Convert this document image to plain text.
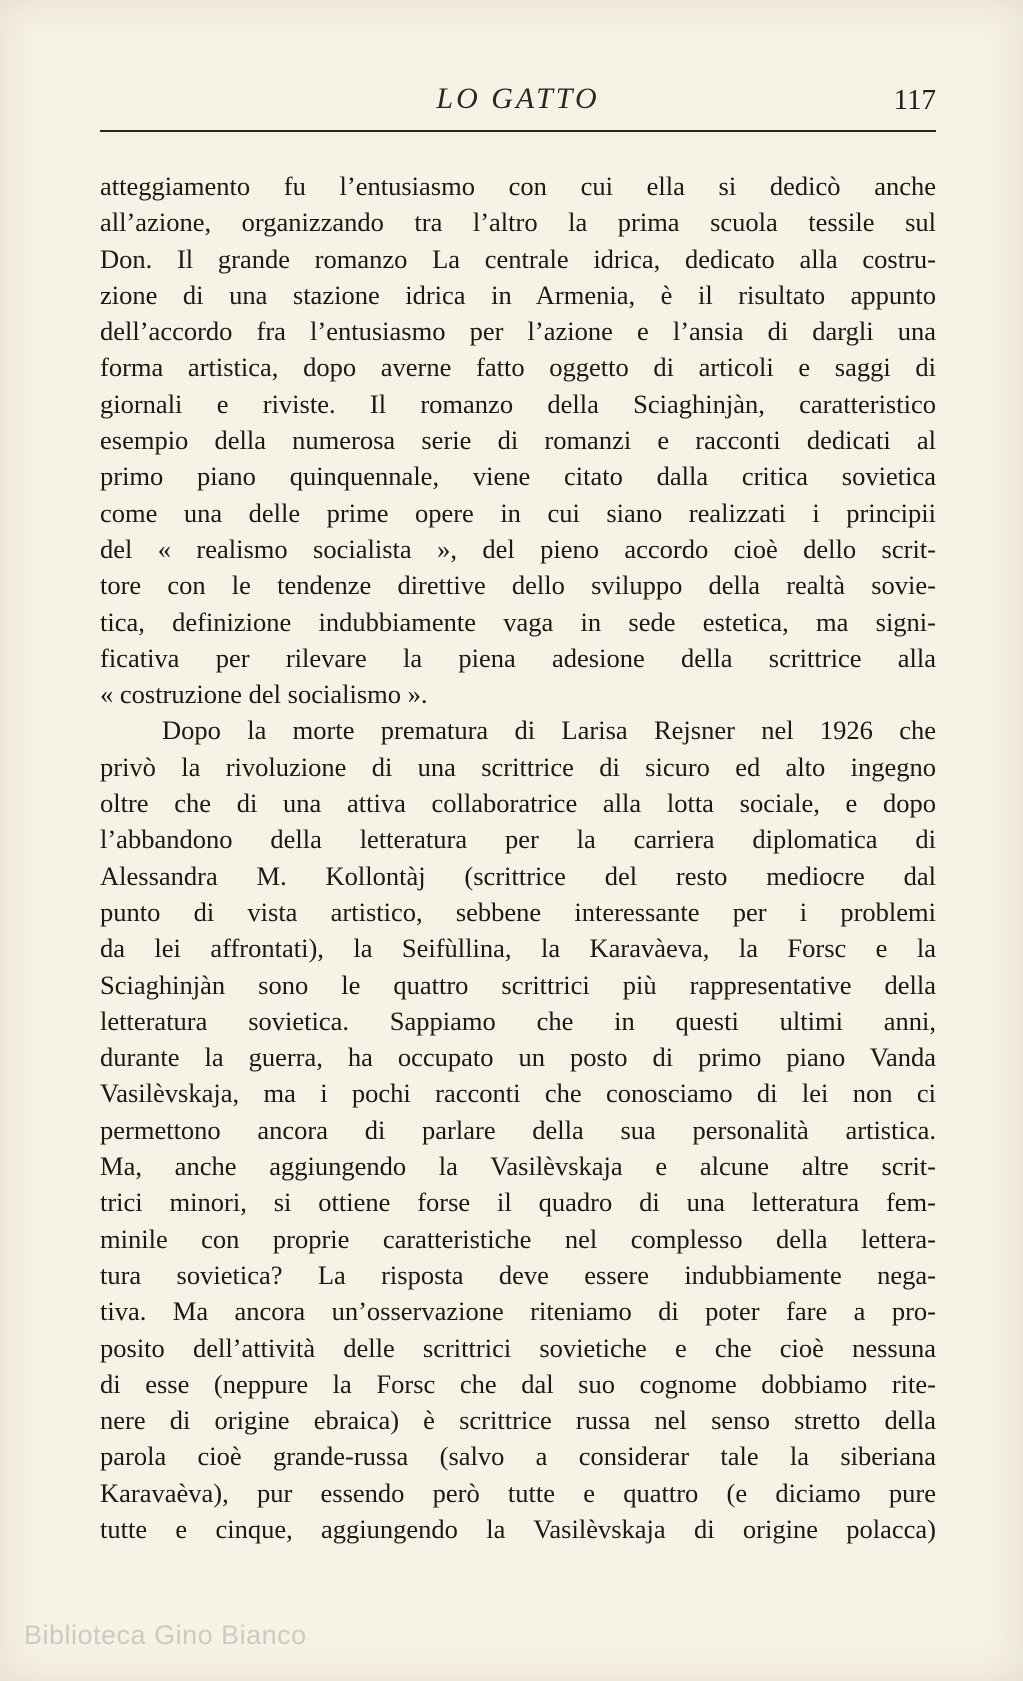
LO GATTO	117
atteggiamento fu l’entusiasmo con cui ella si dedicò anche
all’azione, organizzando tra l’altro la prima scuola tessile sul
Don. Il grande romanzo La centrale idrica, dedicato alla costru-
zione di una stazione idrica in Armenia, è il risultato appunto
dell’accordo fra l’entusiasmo per l’azione e l’ansia di dargli una
forma artistica, dopo averne fatto oggetto di articoli e saggi di
giornali e riviste. Il romanzo della Sciaghinjàn, caratteristico
esempio della numerosa serie di romanzi e racconti dedicati al
primo piano quinquennale, viene citato dalla critica sovietica
come una delle prime opere in cui siano realizzati i principii
del « realismo socialista », del pieno accordo cioè dello scrit-
tore con le tendenze direttive dello sviluppo della realtà sovie-
tica, definizione indubbiamente vaga in sede estetica, ma signi-
ficativa per rilevare la piena adesione della scrittrice alla
« costruzione del socialismo ».
Dopo la morte prematura di Larisa Rejsner nel 1926 che
privò la rivoluzione di una scrittrice di sicuro ed alto ingegno
oltre che di una attiva collaboratrice alla lotta sociale, e dopo
l’abbandono della letteratura per la carriera diplomatica di
Alessandra M. Kollontàj (scrittrice del resto mediocre dal
punto di vista artistico, sebbene interessante per i problemi
da lei affrontati), la Seifùllina, la Karavàeva, la Forsc e la
Sciaghinjàn sono le quattro scrittrici più rappresentative della
letteratura sovietica. Sappiamo che in questi ultimi anni,
durante la guerra, ha occupato un posto di primo piano Vanda
Vasilèvskaja, ma i pochi racconti che conosciamo di lei non ci
permettono ancora di parlare della sua personalità artistica.
Ma, anche aggiungendo la Vasilèvskaja e alcune altre scrit-
trici minori, si ottiene forse il quadro di una letteratura fem-
minile con proprie caratteristiche nel complesso della lettera-
tura sovietica? La risposta deve essere indubbiamente nega-
tiva. Ma ancora un’osservazione riteniamo di poter fare a pro-
posito dell’attività delle scrittrici sovietiche e che cioè nessuna
di esse (neppure la Forsc che dal suo cognome dobbiamo rite-
nere di origine ebraica) è scrittrice russa nel senso stretto della
parola cioè grande-russa (salvo a considerar tale la siberiana
Karavaèva), pur essendo però tutte e quattro (e diciamo pure
tutte e cinque, aggiungendo la Vasilèvskaja di origine polacca)
Biblioteca Gino Bianco
